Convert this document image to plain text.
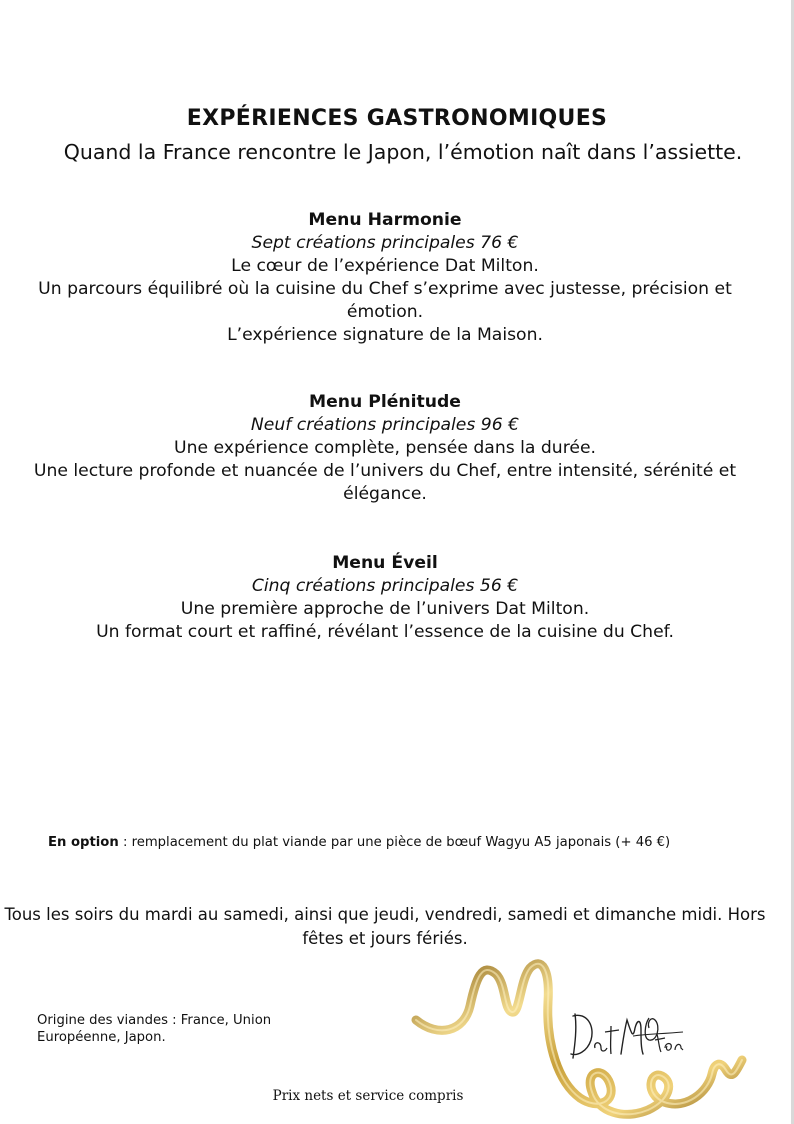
EXPÉRIENCES GASTRONOMIQUES
Quand la France rencontre le Japon, l’émotion naît dans l’assiette.

Menu Harmonie

Sept créations principales 76 €

Le cœur de l’expérience Dat Milton.

Un parcours équilibré où la cuisine du Chef s’exprime avec justesse, précision et émotion.

L’expérience signature de la Maison.

Menu Plénitude

Neuf créations principales 96 €

Une expérience complète, pensée dans la durée.

Une lecture profonde et nuancée de l’univers du Chef, entre intensité, sérénité et élégance.

Menu Éveil

Cinq créations principales 56 €

Une première approche de l’univers Dat Milton.

Un format court et raffiné, révélant l’essence de la cuisine du Chef.

En option : remplacement du plat viande par une pièce de bœuf Wagyu A5 japonais (+ 46 €)
Tous les soirs du mardi au samedi, ainsi que jeudi, vendredi, samedi et dimanche midi. Hors fêtes et jours fériés.
Origine des viandes : France, Union Européenne, Japon.
Prix nets et service compris
